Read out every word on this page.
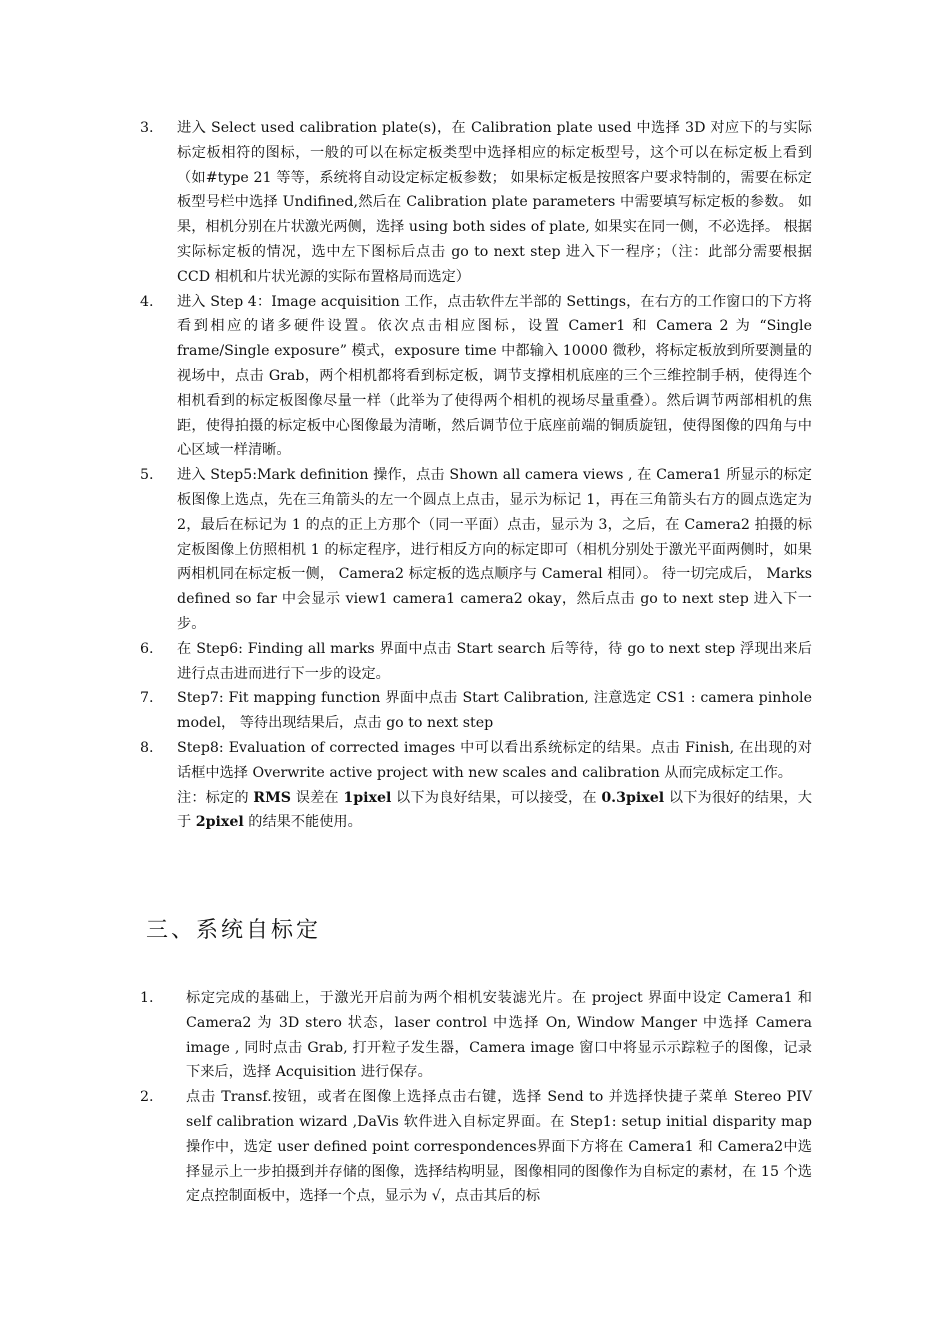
3. 进入 Select used calibration plate(s)，在 Calibration plate used 中选择 3D 对应下的与实际标定板相符的图标，一般的可以在标定板类型中选择相应的标定板型号，这个可以在标定板上看到（如#type 21 等等，系统将自动设定标定板参数； 如果标定板是按照客户要求特制的，需要在标定板型号栏中选择 Undifined,然后在 Calibration plate parameters 中需要填写标定板的参数。 如果，相机分别在片状激光两侧，选择 using both sides of plate, 如果实在同一侧，不必选择。 根据实际标定板的情况，选中左下图标后点击 go to next step 进入下一程序；（注：此部分需要根据 CCD 相机和片状光源的实际布置格局而选定）
4. 进入 Step 4：Image acquisition 工作，点击软件左半部的 Settings，在右方的工作窗口的下方将看到相应的诸多硬件设置。依次点击相应图标，设置 Camer1 和 Camera 2 为 “Single frame/Single exposure” 模式，exposure time 中都输入 10000 微秒，将标定板放到所要测量的视场中，点击 Grab，两个相机都将看到标定板，调节支撑相机底座的三个三维控制手柄，使得连个相机看到的标定板图像尽量一样（此举为了使得两个相机的视场尽量重叠）。然后调节两部相机的焦距，使得拍摄的标定板中心图像最为清晰，然后调节位于底座前端的铜质旋钮，使得图像的四角与中心区域一样清晰。
5. 进入 Step5:Mark definition 操作，点击 Shown all camera views , 在 Camera1 所显示的标定板图像上选点，先在三角箭头的左一个圆点上点击，显示为标记 1，再在三角箭头右方的圆点选定为 2，最后在标记为 1 的点的正上方那个（同一平面）点击，显示为 3，之后，在 Camera2 拍摄的标定板图像上仿照相机 1 的标定程序，进行相反方向的标定即可（相机分别处于激光平面两侧时，如果两相机同在标定板一侧， Camera2 标定板的选点顺序与 Cameral 相同）。 待一切完成后， Marks defined so far 中会显示 view1 camera1 camera2 okay，然后点击 go to next step 进入下一步。
6. 在 Step6: Finding all marks 界面中点击 Start search 后等待，待 go to next step 浮现出来后进行点击进而进行下一步的设定。
7. Step7: Fit mapping function 界面中点击 Start Calibration, 注意选定 CS1 : camera pinhole model， 等待出现结果后，点击 go to next step
8. Step8: Evaluation of corrected images 中可以看出系统标定的结果。点击 Finish, 在出现的对话框中选择 Overwrite active project with new scales and calibration 从而完成标定工作。
注：标定的 RMS 误差在 1pixel 以下为良好结果，可以接受，在 0.3pixel 以下为很好的结果，大于 2pixel 的结果不能使用。
三、系统自标定
1. 标定完成的基础上，于激光开启前为两个相机安装滤光片。在 project 界面中设定 Camera1 和 Camera2 为 3D stero 状态，laser control 中选择 On, Window Manger 中选择 Camera image , 同时点击 Grab, 打开粒子发生器，Camera image 窗口中将显示示踪粒子的图像，记录下来后，选择 Acquisition 进行保存。
2. 点击 Transf.按钮，或者在图像上选择点击右键，选择 Send to 并选择快捷子菜单 Stereo PIV self calibration wizard ,DaVis 软件进入自标定界面。在 Step1: setup initial disparity map 操作中，选定 user defined point correspondences界面下方将在 Camera1 和 Camera2中选择显示上一步拍摄到并存储的图像，选择结构明显，图像相同的图像作为自标定的素材，在 15 个选定点控制面板中，选择一个点，显示为 √，点击其后的标
